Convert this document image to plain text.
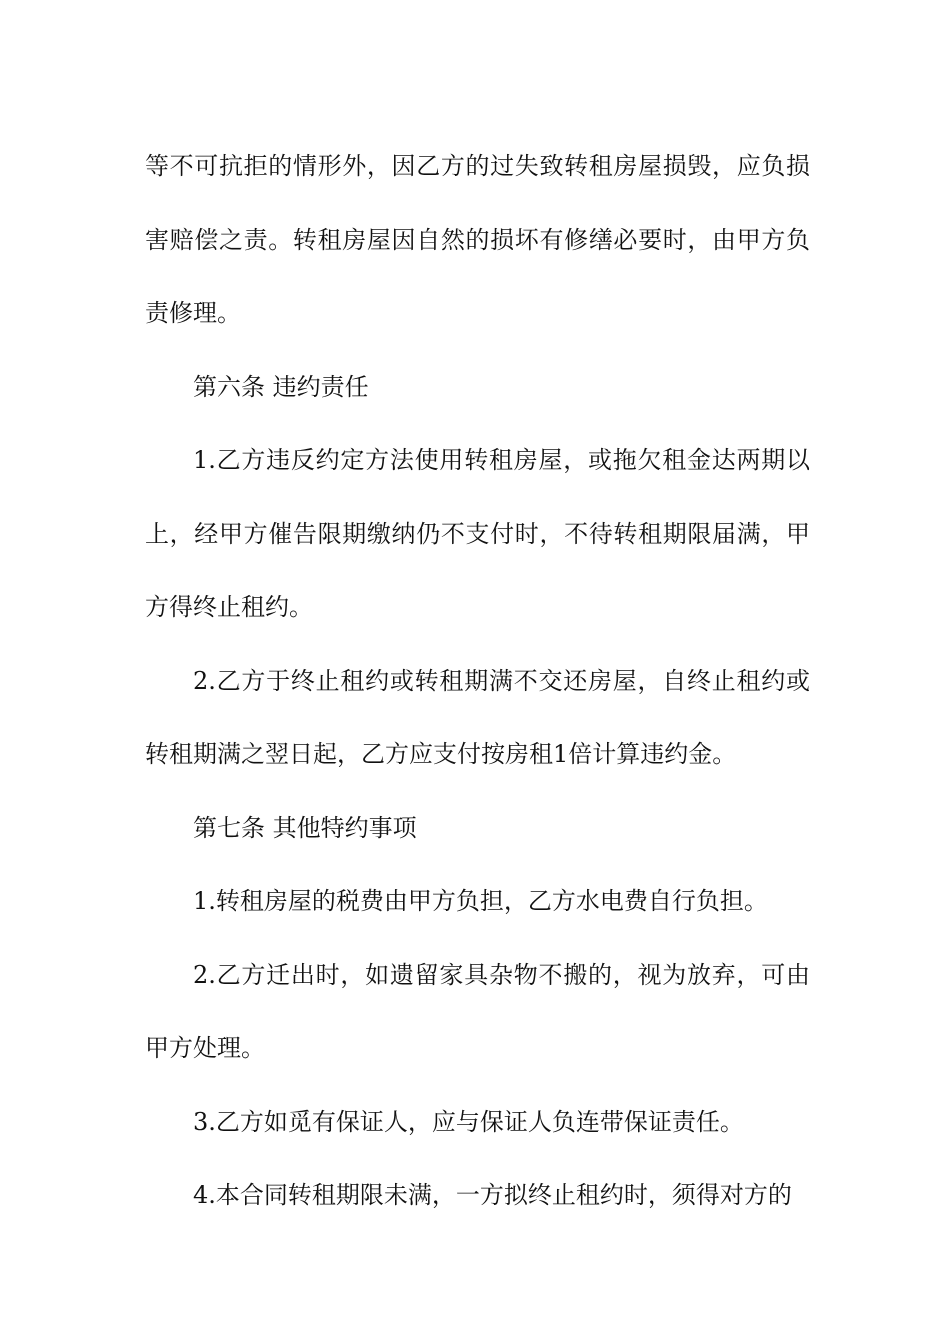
等不可抗拒的情形外，因乙方的过失致转租房屋损毁，应负损害赔偿之责。转租房屋因自然的损坏有修缮必要时，由甲方负责修理。

第六条 违约责任

1.乙方违反约定方法使用转租房屋，或拖欠租金达两期以上，经甲方催告限期缴纳仍不支付时，不待转租期限届满，甲方得终止租约。

2.乙方于终止租约或转租期满不交还房屋，自终止租约或转租期满之翌日起，乙方应支付按房租1倍计算违约金。

第七条 其他特约事项

1.转租房屋的税费由甲方负担，乙方水电费自行负担。

2.乙方迁出时，如遗留家具杂物不搬的，视为放弃，可由甲方处理。

3.乙方如觅有保证人，应与保证人负连带保证责任。

4.本合同转租期限未满，一方拟终止租约时，须得对方的
